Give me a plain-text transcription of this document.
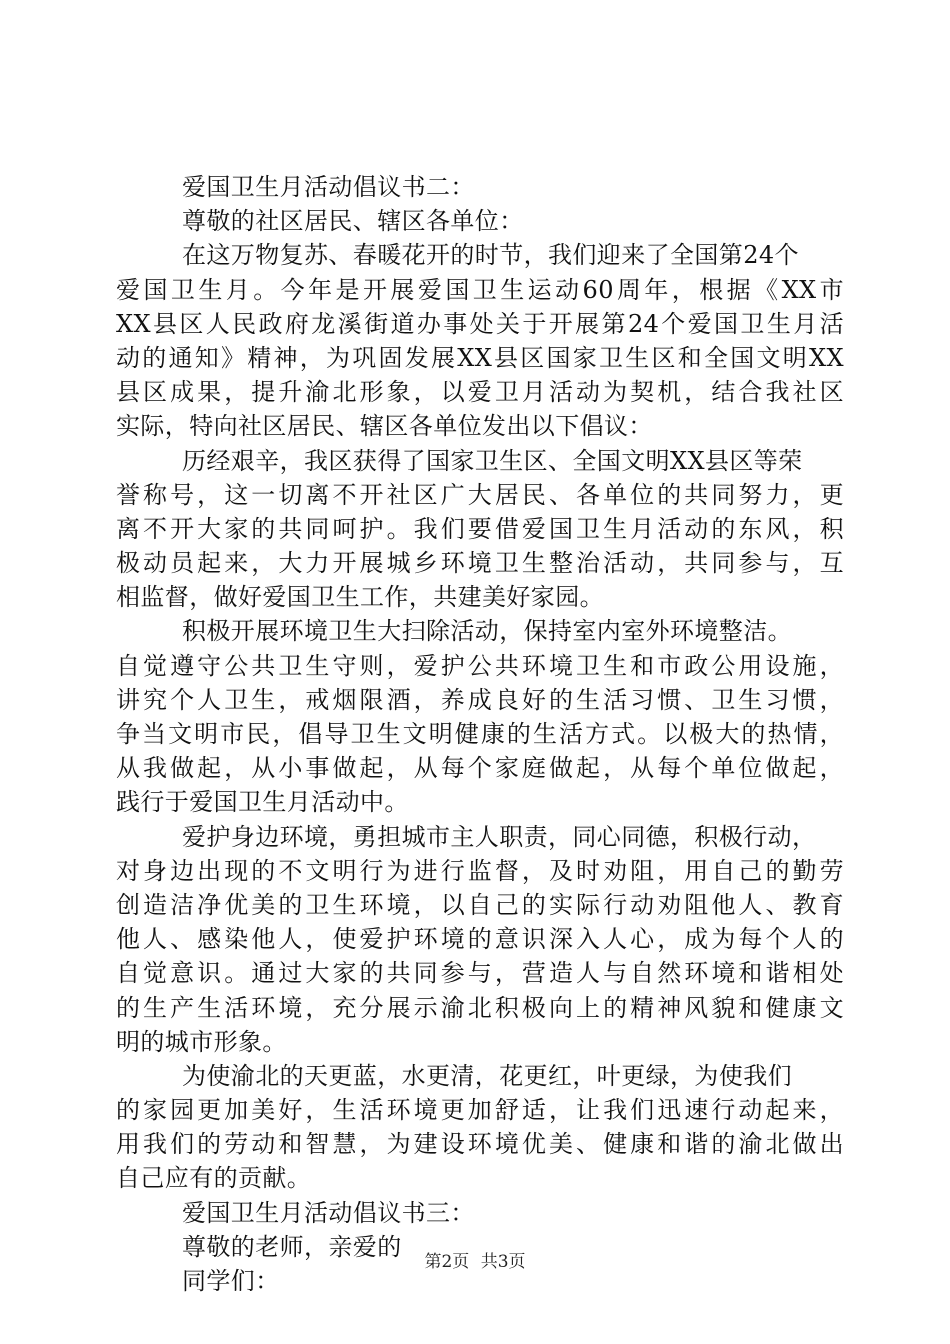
爱国卫生月活动倡议书二：
尊敬的社区居民、辖区各单位：
在这万物复苏、春暖花开的时节，我们迎来了全国第24个
爱国卫生月。今年是开展爱国卫生运动60周年，根据《XX市
XX县区人民政府龙溪街道办事处关于开展第24个爱国卫生月活
动的通知》精神，为巩固发展XX县区国家卫生区和全国文明XX
县区成果，提升渝北形象，以爱卫月活动为契机，结合我社区
实际，特向社区居民、辖区各单位发出以下倡议：
历经艰辛，我区获得了国家卫生区、全国文明XX县区等荣
誉称号，这一切离不开社区广大居民、各单位的共同努力，更
离不开大家的共同呵护。我们要借爱国卫生月活动的东风，积
极动员起来，大力开展城乡环境卫生整治活动，共同参与，互
相监督，做好爱国卫生工作，共建美好家园。
积极开展环境卫生大扫除活动，保持室内室外环境整洁。
自觉遵守公共卫生守则，爱护公共环境卫生和市政公用设施，
讲究个人卫生，戒烟限酒，养成良好的生活习惯、卫生习惯，
争当文明市民，倡导卫生文明健康的生活方式。以极大的热情，
从我做起，从小事做起，从每个家庭做起，从每个单位做起，
践行于爱国卫生月活动中。
爱护身边环境，勇担城市主人职责，同心同德，积极行动，
对身边出现的不文明行为进行监督，及时劝阻，用自己的勤劳
创造洁净优美的卫生环境，以自己的实际行动劝阻他人、教育
他人、感染他人，使爱护环境的意识深入人心，成为每个人的
自觉意识。通过大家的共同参与，营造人与自然环境和谐相处
的生产生活环境，充分展示渝北积极向上的精神风貌和健康文
明的城市形象。
为使渝北的天更蓝，水更清，花更红，叶更绿，为使我们
的家园更加美好，生活环境更加舒适，让我们迅速行动起来，
用我们的劳动和智慧，为建设环境优美、健康和谐的渝北做出
自己应有的贡献。
爱国卫生月活动倡议书三：
尊敬的老师，亲爱的
同学们：
第2页 共3页
